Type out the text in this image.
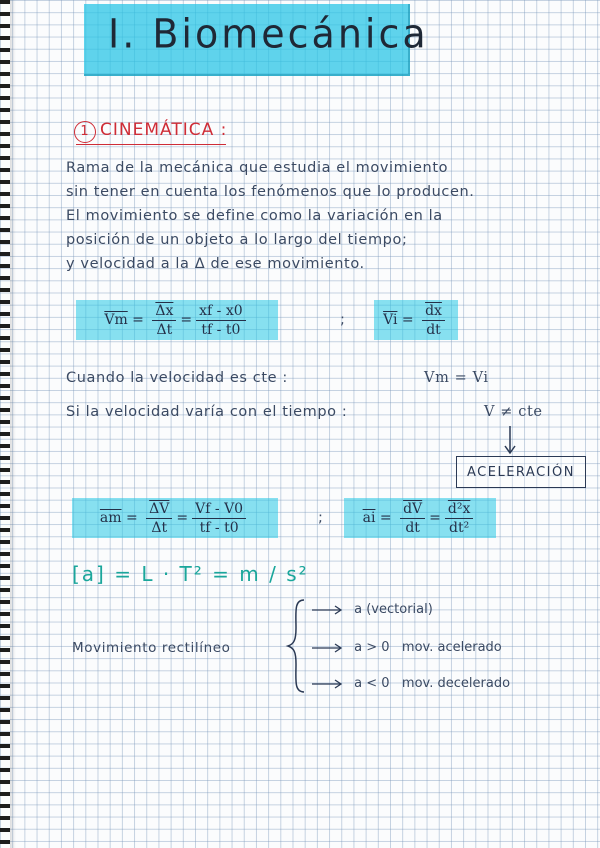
I. Biomecánica
1 CINEMÁTICA :
Rama de la mecánica que estudia el movimiento
sin tener en cuenta los fenómenos que lo producen.
El movimiento se define como la variación en la
posición de un objeto a lo largo del tiempo;
y velocidad a la Δ de ese movimiento.
$\overline{Vm} = \frac{\overline{\Delta x}}{\Delta t} = \frac{xf - x0}{tf - t0}$	;	$\overline{Vi} = \frac{\overline{dx}}{dt}$
Cuando la velocidad es cte :	Vm = Vi
Si la velocidad varía con el tiempo :	V ≠ cte
ACELERACIÓN
$\overline{am} = \frac{\overline{\Delta V}}{\Delta t} = \frac{Vf - V0}{tf - t0}$	;	$\overline{ai} = \frac{\overline{dV}}{dt} = \frac{\text{d²x}}{\text{dt²}}$
[a] = L · T² = m / s²
Movimiento rectilíneo
a (vectorial)
a > 0   mov. acelerado
a < 0   mov. decelerado
